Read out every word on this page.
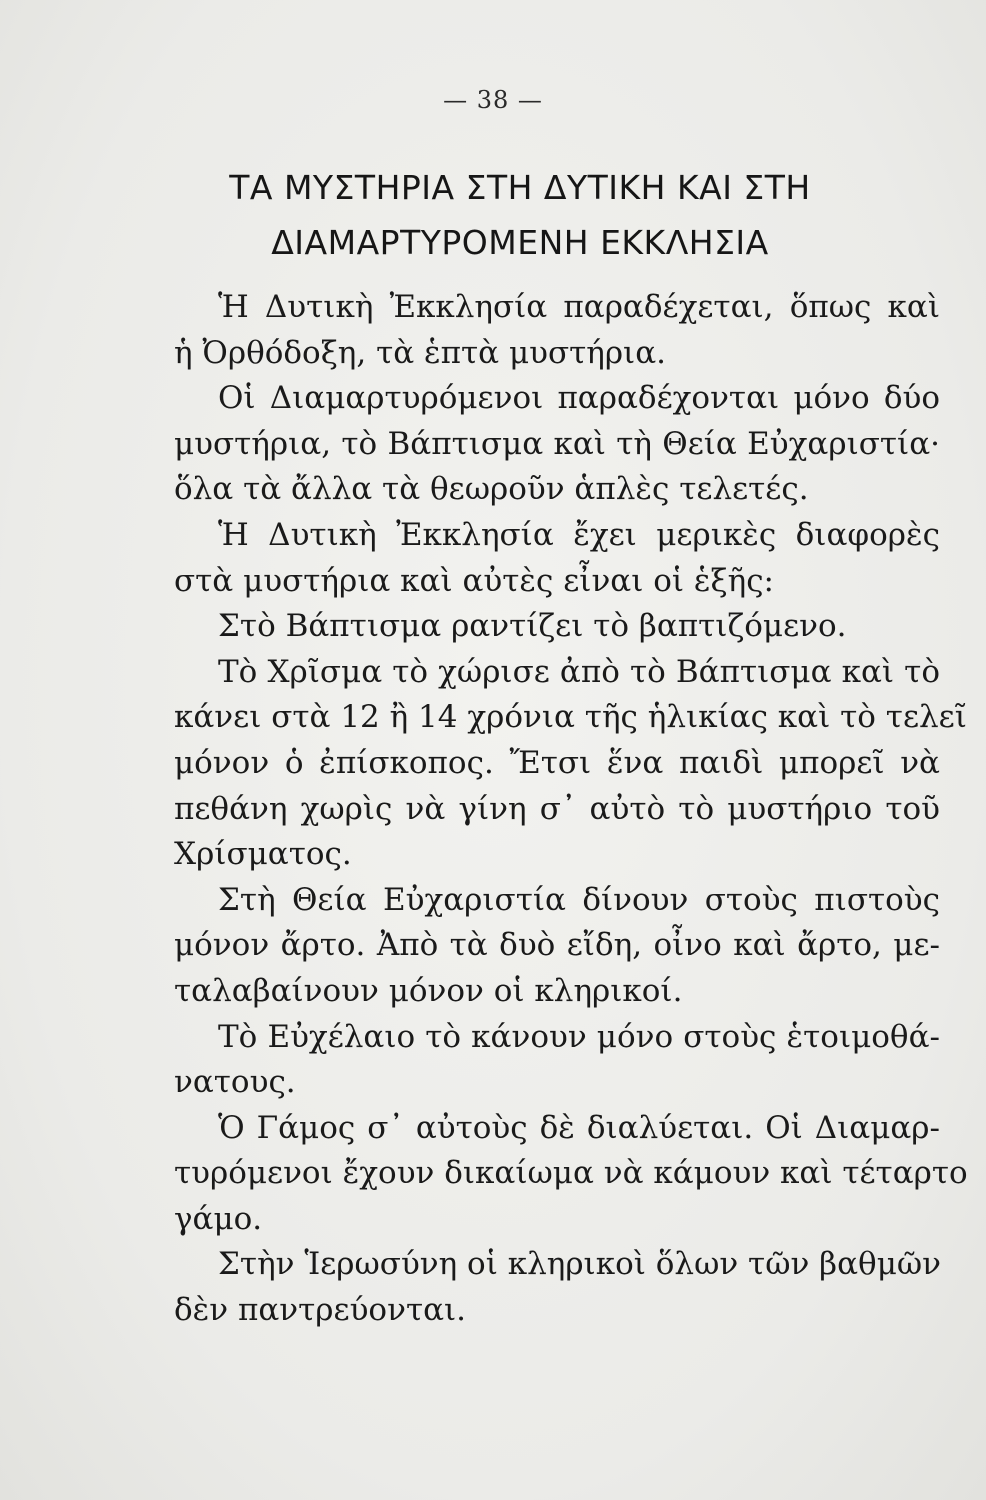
— 38 —
ΤΑ ΜΥΣΤΗΡΙΑ ΣΤΗ ΔΥΤΙΚΗ ΚΑΙ ΣΤΗ
ΔΙΑΜΑΡΤΥΡΟΜΕΝΗ ΕΚΚΛΗΣΙΑ
Ἡ Δυτικὴ Ἐκκλησία παραδέχεται, ὅπως καὶ
ἡ Ὀρθόδοξη, τὰ ἑπτὰ μυστήρια.
Οἱ Διαμαρτυρόμενοι παραδέχονται μόνο δύο
μυστήρια, τὸ Βάπτισμα καὶ τὴ Θεία Εὐχαριστία·
ὅλα τὰ ἄλλα τὰ θεωροῦν ἁπλὲς τελετές.
Ἡ Δυτικὴ Ἐκκλησία ἔχει μερικὲς διαφορὲς
στὰ μυστήρια καὶ αὐτὲς εἶναι οἱ ἑξῆς:
Στὸ Βάπτισμα ραντίζει τὸ βαπτιζόμενο.
Τὸ Χρῖσμα τὸ χώρισε ἀπὸ τὸ Βάπτισμα καὶ τὸ
κάνει στὰ 12 ἢ 14 χρόνια τῆς ἡλικίας καὶ τὸ τελεῖ
μόνον ὁ ἐπίσκοπος. Ἔτσι ἕνα παιδὶ μπορεῖ νὰ
πεθάνη χωρὶς νὰ γίνη σ᾽ αὐτὸ τὸ μυστήριο τοῦ
Χρίσματος.
Στὴ Θεία Εὐχαριστία δίνουν στοὺς πιστοὺς
μόνον ἄρτο. Ἀπὸ τὰ δυὸ εἴδη, οἶνο καὶ ἄρτο, με-
ταλαβαίνουν μόνον οἱ κληρικοί.
Τὸ Εὐχέλαιο τὸ κάνουν μόνο στοὺς ἑτοιμοθά-
νατους.
Ὁ Γάμος σ᾽ αὐτοὺς δὲ διαλύεται. Οἱ Διαμαρ-
τυρόμενοι ἔχουν δικαίωμα νὰ κάμουν καὶ τέταρτο
γάμο.
Στὴν Ἱερωσύνη οἱ κληρικοὶ ὅλων τῶν βαθμῶν
δὲν παντρεύονται.
